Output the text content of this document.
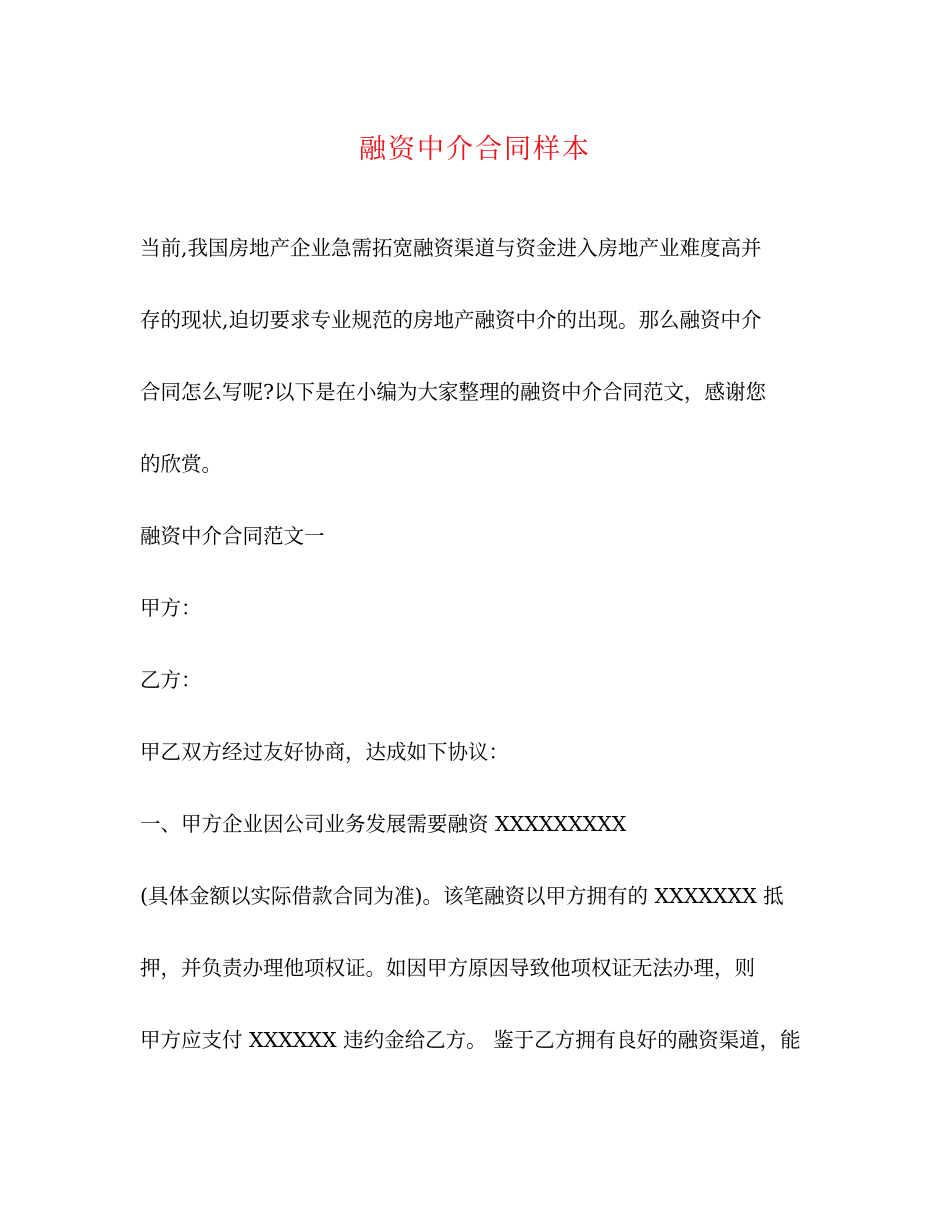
融资中介合同样本
当前,我国房地产企业急需拓宽融资渠道与资金进入房地产业难度高并
存的现状,迫切要求专业规范的房地产融资中介的出现。那么融资中介
合同怎么写呢?以下是在小编为大家整理的融资中介合同范文，感谢您
的欣赏。
融资中介合同范文一
甲方：
乙方：
甲乙双方经过友好协商，达成如下协议：
一、甲方企业因公司业务发展需要融资 XXXXXXXXX
(具体金额以实际借款合同为准)。该笔融资以甲方拥有的 XXXXXXX 抵
押，并负责办理他项权证。如因甲方原因导致他项权证无法办理，则
甲方应支付 XXXXXX 违约金给乙方。 鉴于乙方拥有良好的融资渠道，能
